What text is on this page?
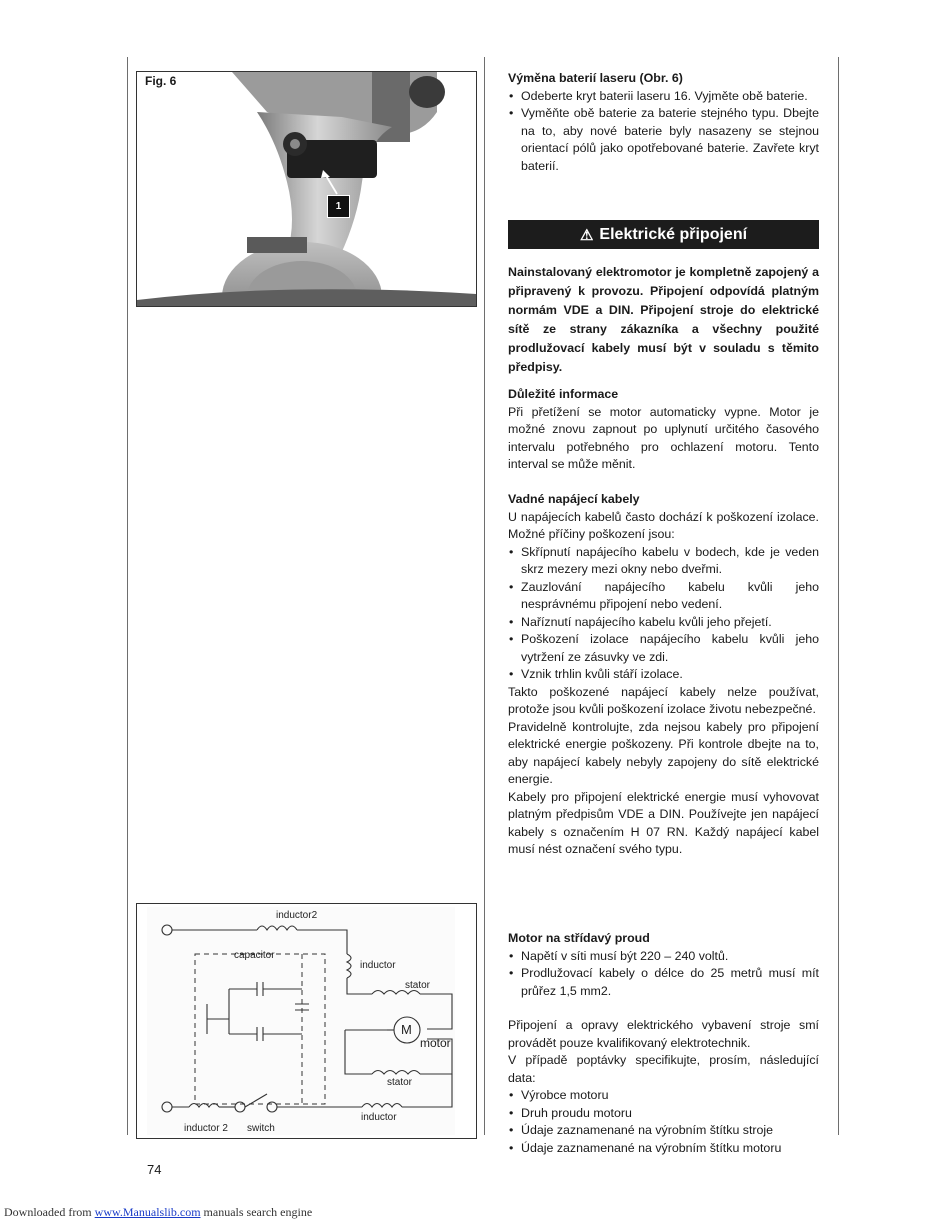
Fig. 6
1
inductor2
capacitor
inductor
stator
M
motor
stator
inductor
inductor 2 switch

Výměna baterií laseru (Obr. 6)

• Odeberte kryt baterii laseru 16. Vyjměte obě baterie.
• Vyměňte obě baterie za baterie stejného typu. Dbejte na to, aby nové baterie byly nasazeny se stejnou orientací pólů jako opotřebované baterie. Zavřete kryt baterií.
⚠ Elektrické připojení

Nainstalovaný elektromotor je kompletně zapojený a připravený k provozu. Připojení odpovídá platným normám VDE a DIN. Připojení stroje do elektrické sítě ze strany zákazníka a všechny použité prodlužovací kabely musí být v souladu s těmito předpisy.

Důležité informace

Při přetížení se motor automaticky vypne. Motor je možné znovu zapnout po uplynutí určitého časového intervalu potřebného pro ochlazení motoru. Tento interval se může měnit.

Vadné napájecí kabely

U napájecích kabelů často dochází k poškození izolace. Možné příčiny poškození jsou:

• Skřípnutí napájecího kabelu v bodech, kde je veden skrz mezery mezi okny nebo dveřmi.
• Zauzlování napájecího kabelu kvůli jeho nesprávnému připojení nebo vedení.
• Naříznutí napájecího kabelu kvůli jeho přejetí.
• Poškození izolace napájecího kabelu kvůli jeho vytržení ze zásuvky ve zdi.
• Vznik trhlin kvůli stáří izolace.

Takto poškozené napájecí kabely nelze používat, protože jsou kvůli poškození izolace životu nebezpečné.

Pravidelně kontrolujte, zda nejsou kabely pro připojení elektrické energie poškozeny. Při kontrole dbejte na to, aby napájecí kabely nebyly zapojeny do sítě elektrické energie.

Kabely pro připojení elektrické energie musí vyhovovat platným předpisům VDE a DIN. Používejte jen napájecí kabely s označením H 07 RN. Každý napájecí kabel musí nést označení svého typu.

Motor na střídavý proud

• Napětí v síti musí být 220 – 240 voltů.
• Prodlužovací kabely o délce do 25 metrů musí mít průřez 1,5 mm2.

Připojení a opravy elektrického vybavení stroje smí provádět pouze kvalifikovaný elektrotechnik.

V případě poptávky specifikujte, prosím, následující data:

• Výrobce motoru
• Druh proudu motoru
• Údaje zaznamenané na výrobním štítku stroje
• Údaje zaznamenané na výrobním štítku motoru
74
Downloaded from www.Manualslib.com manuals search engine
